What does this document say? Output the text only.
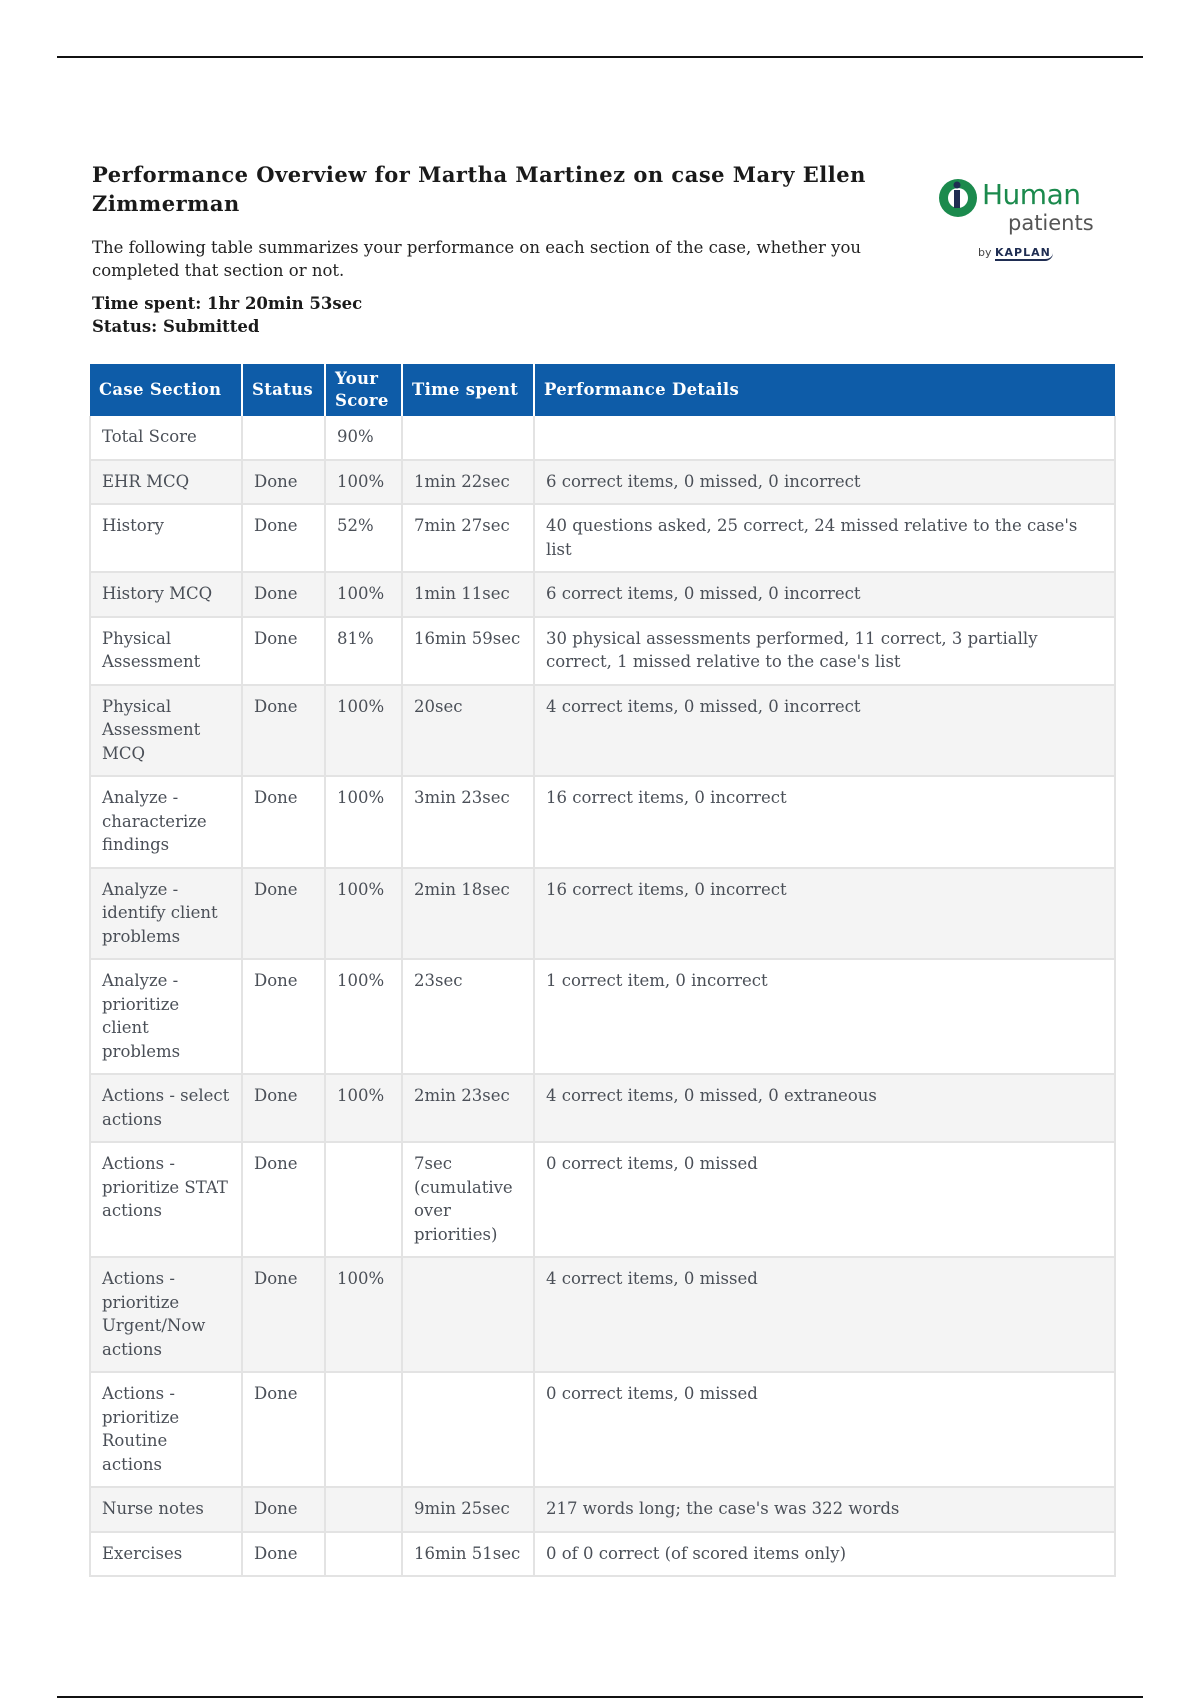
Performance Overview for Martha Martinez on case Mary Ellen Zimmerman

The following table summarizes your performance on each section of the case, whether you completed that section or not.

Time spent: 1hr 20min 53sec
Status: Submitted
Human
patients
by KAPLAN
Case Section	Status	Your Score	Time spent	Performance Details
Total Score		90%		
EHR MCQ	Done	100%	1min 22sec	6 correct items, 0 missed, 0 incorrect
History	Done	52%	7min 27sec	40 questions asked, 25 correct, 24 missed relative to the case's list
History MCQ	Done	100%	1min 11sec	6 correct items, 0 missed, 0 incorrect
Physical Assessment	Done	81%	16min 59sec	30 physical assessments performed, 11 correct, 3 partially correct, 1 missed relative to the case's list
Physical Assessment MCQ	Done	100%	20sec	4 correct items, 0 missed, 0 incorrect
Analyze - characterize findings	Done	100%	3min 23sec	16 correct items, 0 incorrect
Analyze - identify client problems	Done	100%	2min 18sec	16 correct items, 0 incorrect
Analyze - prioritize client problems	Done	100%	23sec	1 correct item, 0 incorrect
Actions - select actions	Done	100%	2min 23sec	4 correct items, 0 missed, 0 extraneous
Actions - prioritize STAT actions	Done		7sec (cumulative over priorities)	0 correct items, 0 missed
Actions - prioritize Urgent/Now actions	Done	100%		4 correct items, 0 missed
Actions - prioritize Routine actions	Done			0 correct items, 0 missed
Nurse notes	Done		9min 25sec	217 words long; the case's was 322 words
Exercises	Done		16min 51sec	0 of 0 correct (of scored items only)
